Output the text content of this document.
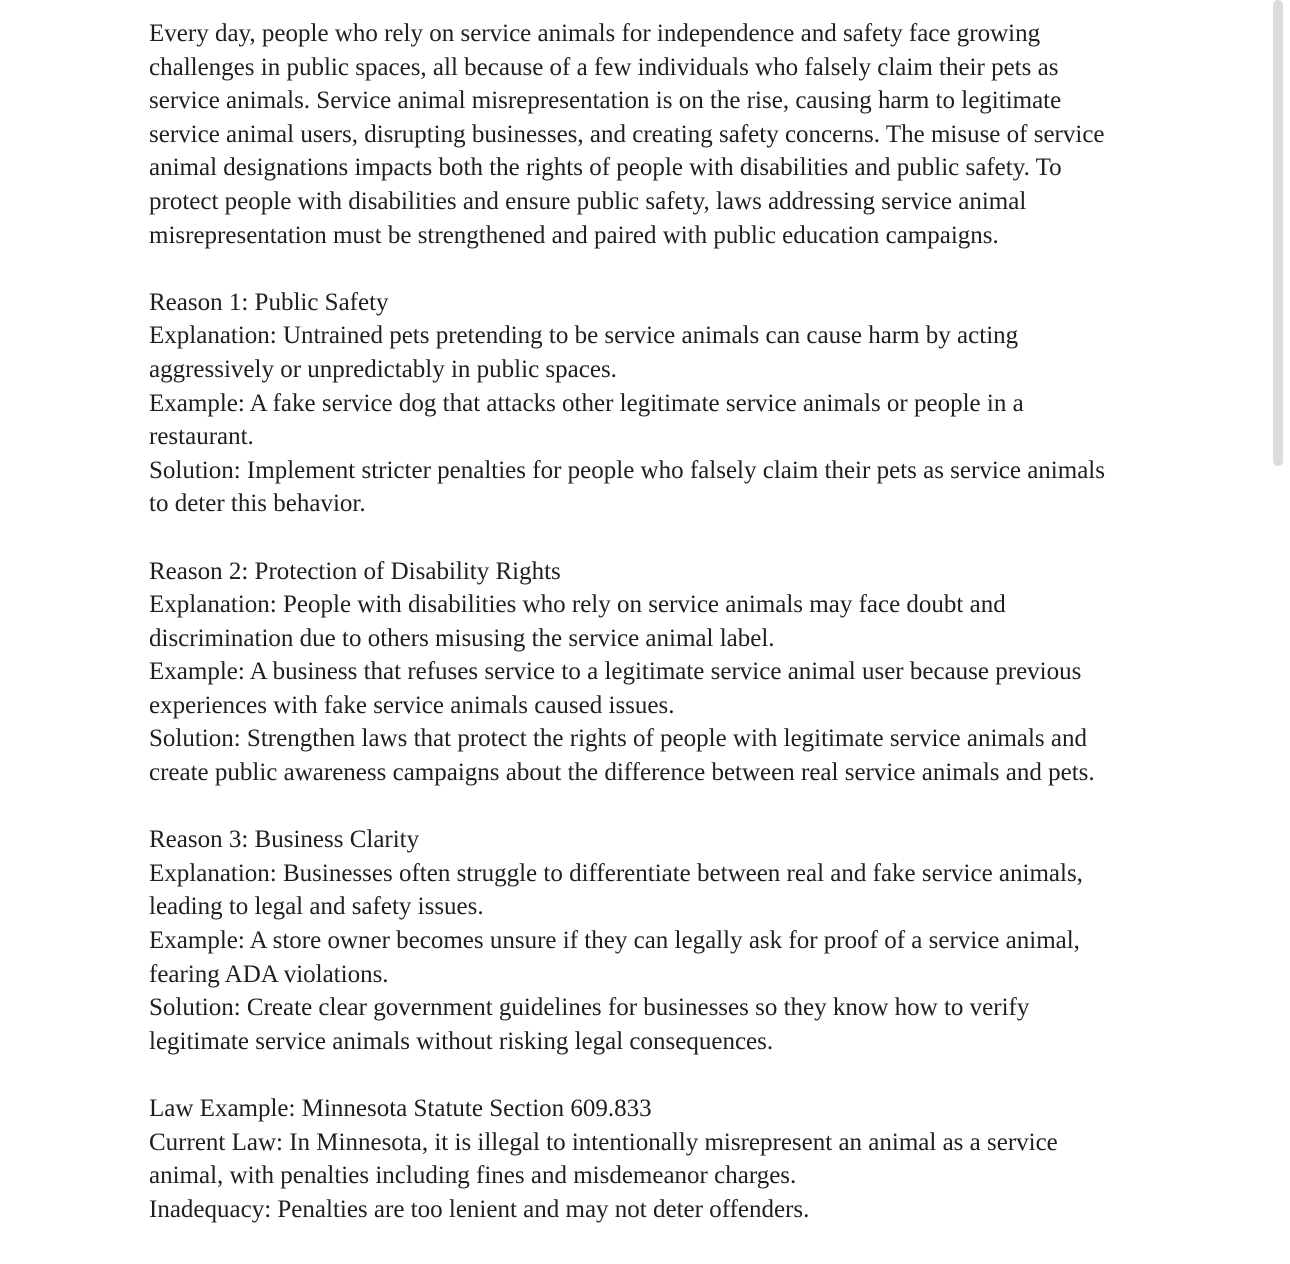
Every day, people who rely on service animals for independence and safety face growing
challenges in public spaces, all because of a few individuals who falsely claim their pets as
service animals. Service animal misrepresentation is on the rise, causing harm to legitimate
service animal users, disrupting businesses, and creating safety concerns. The misuse of service
animal designations impacts both the rights of people with disabilities and public safety. To
protect people with disabilities and ensure public safety, laws addressing service animal
misrepresentation must be strengthened and paired with public education campaigns.

Reason 1: Public Safety
Explanation: Untrained pets pretending to be service animals can cause harm by acting
aggressively or unpredictably in public spaces.
Example: A fake service dog that attacks other legitimate service animals or people in a
restaurant.
Solution: Implement stricter penalties for people who falsely claim their pets as service animals
to deter this behavior.
Reason 2: Protection of Disability Rights
Explanation: People with disabilities who rely on service animals may face doubt and
discrimination due to others misusing the service animal label.
Example: A business that refuses service to a legitimate service animal user because previous
experiences with fake service animals caused issues.
Solution: Strengthen laws that protect the rights of people with legitimate service animals and
create public awareness campaigns about the difference between real service animals and pets.
Reason 3: Business Clarity
Explanation: Businesses often struggle to differentiate between real and fake service animals,
leading to legal and safety issues.
Example: A store owner becomes unsure if they can legally ask for proof of a service animal,
fearing ADA violations.
Solution: Create clear government guidelines for businesses so they know how to verify
legitimate service animals without risking legal consequences.
Law Example: Minnesota Statute Section 609.833
Current Law: In Minnesota, it is illegal to intentionally misrepresent an animal as a service
animal, with penalties including fines and misdemeanor charges.
Inadequacy: Penalties are too lenient and may not deter offenders.
